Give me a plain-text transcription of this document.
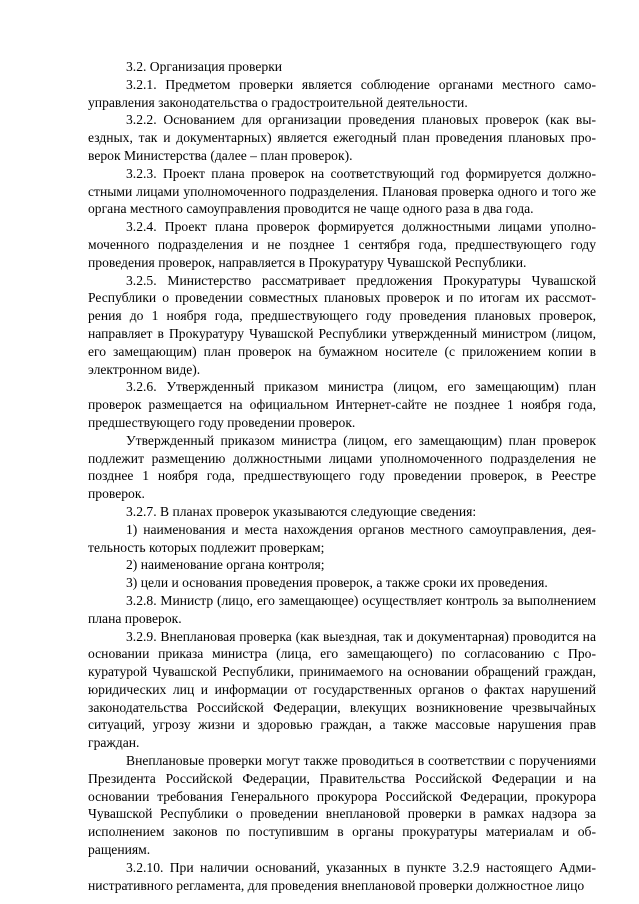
3.2. Организация проверки

3.2.1. Предметом проверки является соблюдение органами местного самоуправления законодательства о градостроительной деятельности.

3.2.2. Основанием для организации проведения плановых проверок (как выездных, так и документарных) является ежегодный план проведения плановых проверок Министерства (далее – план проверок).

3.2.3. Проект плана проверок на соответствующий год формируется должностными лицами уполномоченного подразделения. Плановая проверка одного и того же органа местного самоуправления проводится не чаще одного раза в два года.

3.2.4. Проект плана проверок формируется должностными лицами уполномоченного подразделения и не позднее 1 сентября года, предшествующего году проведения проверок, направляется в Прокуратуру Чувашской Республики.

3.2.5. Министерство рассматривает предложения Прокуратуры Чувашской Республики о проведении совместных плановых проверок и по итогам их рассмотрения до 1 ноября года, предшествующего году проведения плановых проверок, направляет в Прокуратуру Чувашской Республики утвержденный министром (лицом, его замещающим) план проверок на бумажном носителе (с приложением копии в электронном виде).

3.2.6. Утвержденный приказом министра (лицом, его замещающим) план проверок размещается на официальном Интернет-сайте не позднее 1 ноября года, предшествующего году проведении проверок.

Утвержденный приказом министра (лицом, его замещающим) план проверок подлежит размещению должностными лицами уполномоченного подразделения не позднее 1 ноября года, предшествующего году проведении проверок, в Реестре проверок.

3.2.7. В планах проверок указываются следующие сведения:

1) наименования и места нахождения органов местного самоуправления, деятельность которых подлежит проверкам;

2) наименование органа контроля;

3) цели и основания проведения проверок, а также сроки их проведения.

3.2.8. Министр (лицо, его замещающее) осуществляет контроль за выполнением плана проверок.

3.2.9. Внеплановая проверка (как выездная, так и документарная) проводится на основании приказа министра (лица, его замещающего) по согласованию с Прокуратурой Чувашской Республики, принимаемого на основании обращений граждан, юридических лиц и информации от государственных органов о фактах нарушений законодательства Российской Федерации, влекущих возникновение чрезвычайных ситуаций, угрозу жизни и здоровью граждан, а также массовые нарушения прав граждан.

Внеплановые проверки могут также проводиться в соответствии с поручениями Президента Российской Федерации, Правительства Российской Федерации и на основании требования Генерального прокурора Российской Федерации, прокурора Чувашской Республики о проведении внеплановой проверки в рамках надзора за исполнением законов по поступившим в органы прокуратуры материалам и обращениям.

3.2.10. При наличии оснований, указанных в пункте 3.2.9 настоящего Административного регламента, для проведения внеплановой проверки должностное лицо
